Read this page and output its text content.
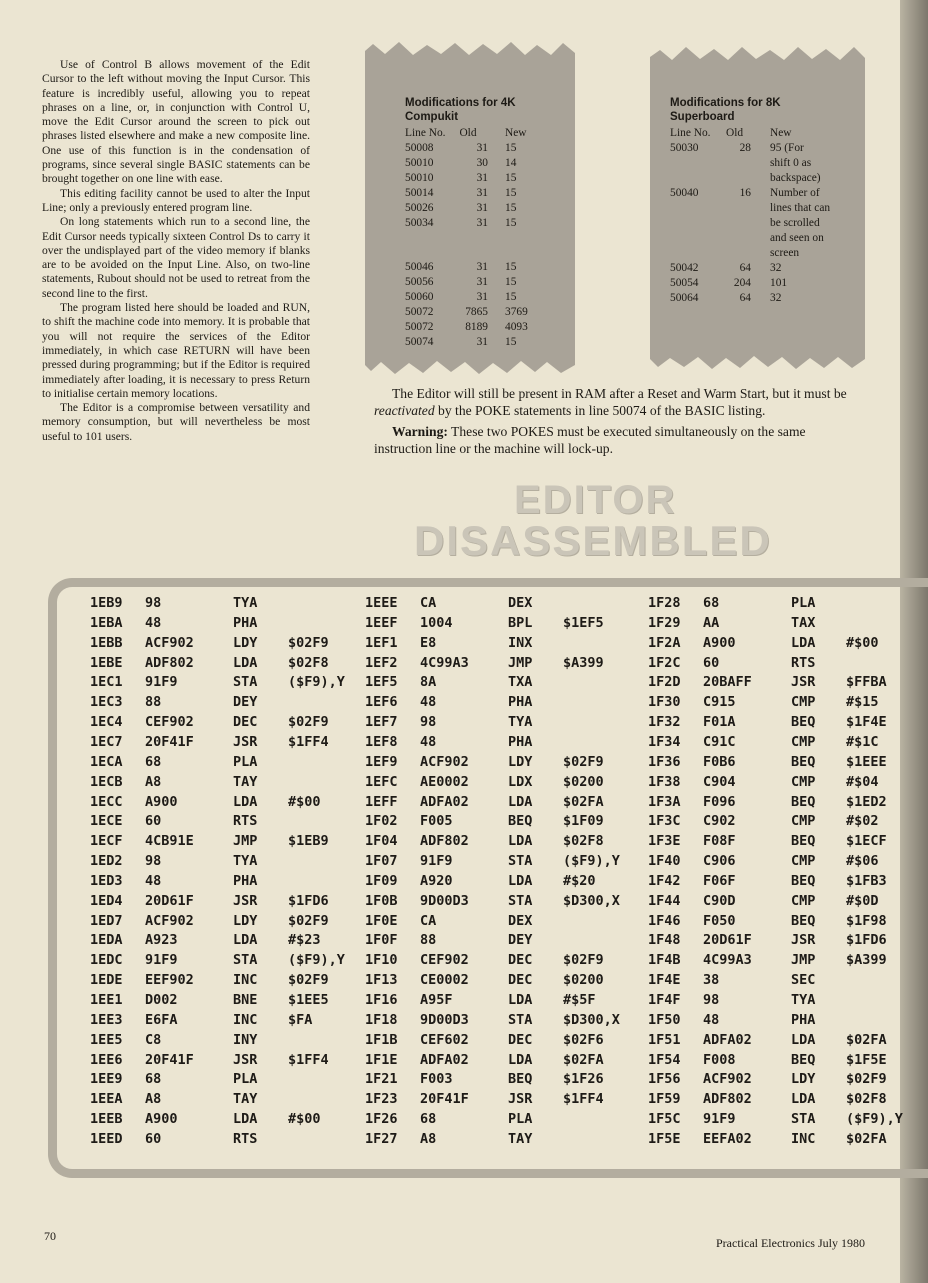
Use of Control B allows movement of the Edit Cursor to the left without moving the Input Cursor. This feature is incredibly useful, allowing you to repeat phrases on a line, or, in conjunction with Control U, move the Edit Cursor around the screen to pick out phrases listed elsewhere and make a new composite line. One use of this function is in the condensation of programs, since several single BASIC statements can be brought together on one line with ease.

This editing facility cannot be used to alter the Input Line; only a previously entered program line.

On long statements which run to a second line, the Edit Cursor needs typically sixteen Control Ds to carry it over the undisplayed part of the video memory if blanks are to be avoided on the Input Line. Also, on two-line statements, Rubout should not be used to retreat from the second line to the first.

The program listed here should be loaded and RUN, to shift the machine code into memory. It is probable that you will not require the services of the Editor immediately, in which case RETURN will have been pressed during programming; but if the Editor is required immediately after loading, it is necessary to press Return to initialise certain memory locations.

The Editor is a compromise between versatility and memory consumption, but will nevertheless be most useful to 101 users.

Modifications for 4K
Compukit
Line No.	Old	New
50008	31 15
50010	30 14
50010	31 15
50014	31 15
50026	31 15
50034	31 15
50046	31 15
50056	31 15
50060	31 15
50072	7865 3769
50072	8189 4093
50074	31 15
Modifications for 8K
Superboard
Line No. Old	New
50030	28 95 (For
shift 0 as
backspace)
50040	16 Number of
lines that can
be scrolled
and seen on
screen
50042	64 32
50054	204 101
50064	64 32

The Editor will still be present in RAM after a Reset and Warm Start, but it must be reactivated by the POKE statements in line 50074 of the BASIC listing.

Warning: These two POKES must be executed simultaneously on the same instruction line or the machine will lock-up.

EDITOR
DISASSEMBLED
1EB9 98	TYA
1EBA 48	PHA
1EBB ACF902	LDY $02F9
1EBE ADF802	LDA $02F8
1EC1 91F9	STA ($F9),Y
1EC3 88	DEY
1EC4 CEF902	DEC $02F9
1EC7 20F41F	JSR $1FF4
1ECA 68	PLA
1ECB A8	TAY
1ECC A900	LDA #$00
1ECE 60	RTS
1ECF 4CB91E	JMP $1EB9
1ED2 98	TYA
1ED3 48	PHA
1ED4 20D61F	JSR $1FD6
1ED7 ACF902	LDY $02F9
1EDA A923	LDA #$23
1EDC 91F9	STA ($F9),Y
1EDE EEF902	INC $02F9
1EE1 D002	BNE $1EE5
1EE3 E6FA	INC $FA
1EE5 C8	INY
1EE6 20F41F	JSR $1FF4
1EE9 68	PLA
1EEA A8	TAY
1EEB A900	LDA #$00
1EED 60	RTS
1EEE CA	DEX
1EEF 1004	BPL $1EF5
1EF1 E8	INX
1EF2 4C99A3	JMP $A399
1EF5 8A	TXA
1EF6 48	PHA
1EF7 98	TYA
1EF8 48	PHA
1EF9 ACF902	LDY $02F9
1EFC AE0002	LDX $0200
1EFF ADFA02	LDA $02FA
1F02 F005	BEQ $1F09
1F04 ADF802	LDA $02F8
1F07 91F9	STA ($F9),Y
1F09 A920	LDA #$20
1F0B 9D00D3	STA $D300,X
1F0E CA	DEX
1F0F 88	DEY
1F10 CEF902	DEC $02F9
1F13 CE0002	DEC $0200
1F16 A95F	LDA #$5F
1F18 9D00D3	STA $D300,X
1F1B CEF602	DEC $02F6
1F1E ADFA02	LDA $02FA
1F21 F003	BEQ $1F26
1F23 20F41F	JSR $1FF4
1F26 68	PLA
1F27 A8	TAY
1F28 68	PLA
1F29 AA	TAX
1F2A A900	LDA #$00
1F2C 60	RTS
1F2D 20BAFF	JSR $FFBA
1F30 C915	CMP #$15
1F32 F01A	BEQ $1F4E
1F34 C91C	CMP #$1C
1F36 F0B6	BEQ $1EEE
1F38 C904	CMP #$04
1F3A F096	BEQ $1ED2
1F3C C902	CMP #$02
1F3E F08F	BEQ $1ECF
1F40 C906	CMP #$06
1F42 F06F	BEQ $1FB3
1F44 C90D	CMP #$0D
1F46 F050	BEQ $1F98
1F48 20D61F	JSR $1FD6
1F4B 4C99A3	JMP $A399
1F4E 38	SEC
1F4F 98	TYA
1F50 48	PHA
1F51 ADFA02	LDA $02FA
1F54 F008	BEQ $1F5E
1F56 ACF902	LDY $02F9
1F59 ADF802	LDA $02F8
1F5C 91F9	STA ($F9),Y
1F5E EEFA02	INC $02FA
70	Practical Electronics July 1980
